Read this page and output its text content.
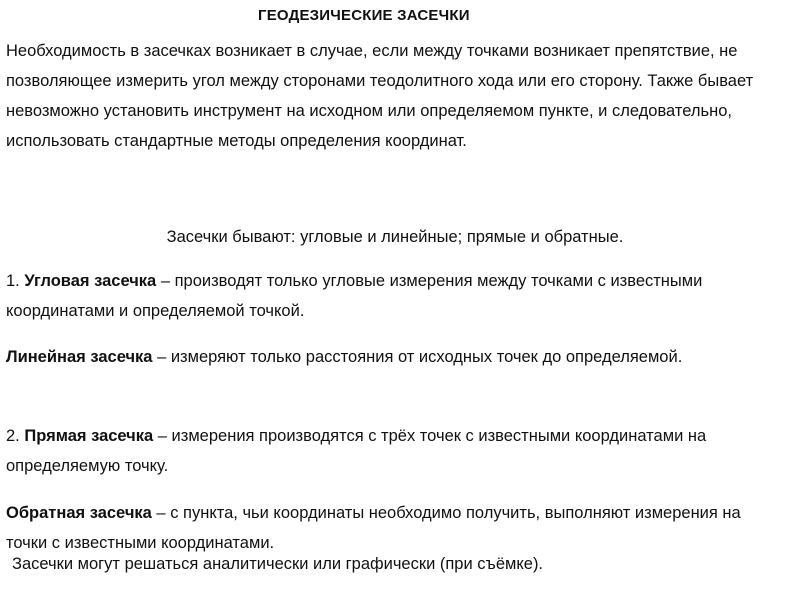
ГЕОДЕЗИЧЕСКИЕ ЗАСЕЧКИ

Необходимость в засечках возникает в случае, если между точками возникает препятствие, не позволяющее измерить угол между сторонами теодолитного хода или его сторону. Также бывает невозможно установить инструмент на исходном или определяемом пункте, и следовательно, использовать стандартные методы определения координат.

Засечки бывают: угловые и линейные; прямые и обратные.

1. Угловая засечка – производят только угловые измерения между точками с известными координатами и определяемой точкой.

Линейная засечка – измеряют только расстояния от исходных точек до определяемой.

2. Прямая засечка – измерения производятся с трёх точек с известными координатами на определяемую точку.

Обратная засечка – с пункта, чьи координаты необходимо получить, выполняют измерения на точки с известными координатами.

Засечки могут решаться аналитически или графически (при съёмке).
